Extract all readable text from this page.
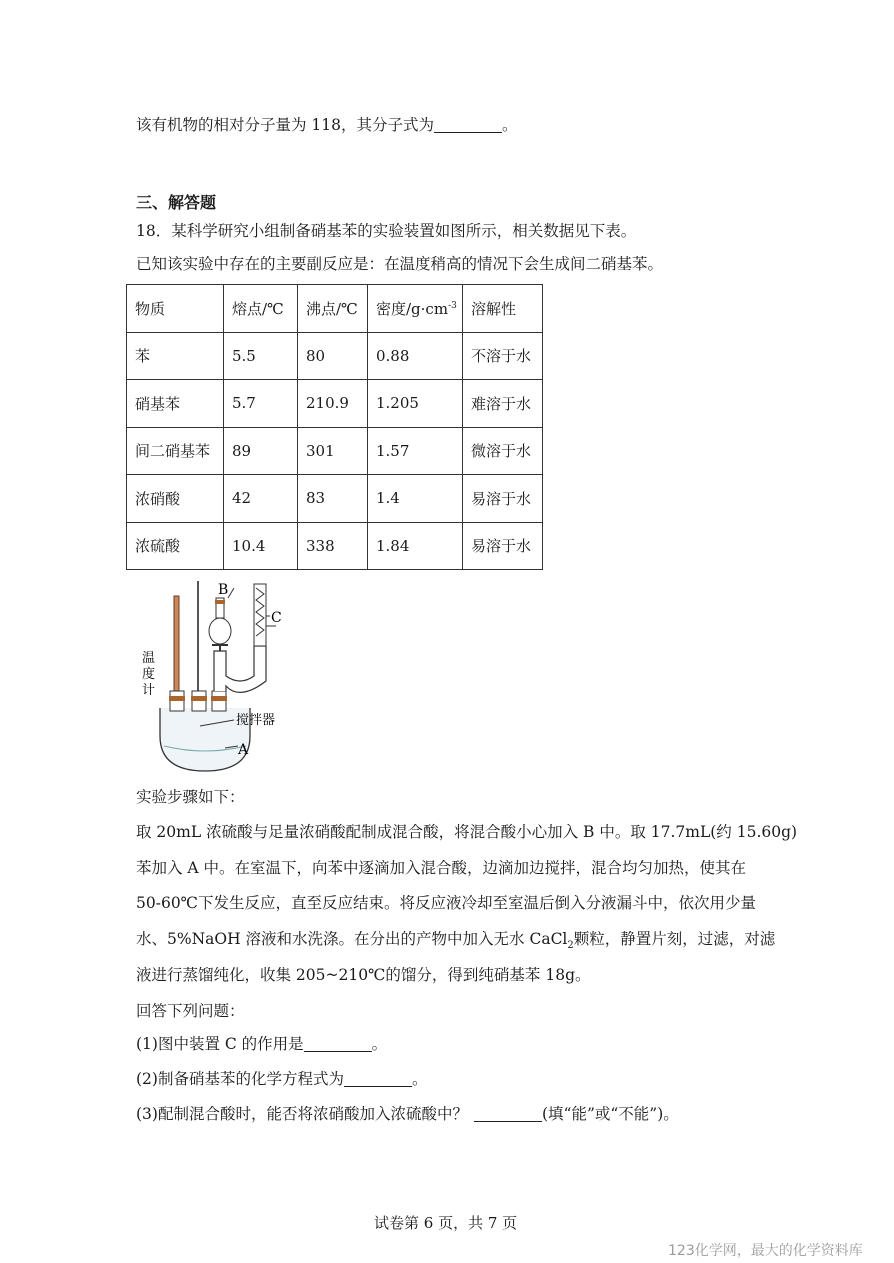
该有机物的相对分子量为 118，其分子式为	。
三、解答题
18．某科学研究小组制备硝基苯的实验装置如图所示，相关数据见下表。
已知该实验中存在的主要副反应是：在温度稍高的情况下会生成间二硝基苯。
物质	熔点/℃	沸点/℃	密度$/g\cdot cm^{-3}$	溶解性
苯	5.5	80	0.88	不溶于水
硝基苯	5.7	210.9	1.205	难溶于水
间二硝基苯	89	301	1.57	微溶于水
浓硝酸	42	83	1.4	易溶于水
浓硫酸	10.4	338	1.84	易溶于水
B
C
A
搅拌器
温
度
计
实验步骤如下：
取 20mL 浓硫酸与足量浓硝酸配制成混合酸，将混合酸小心加入 B 中。取 17.7mL(约 15.60g)
苯加入 A 中。在室温下，向苯中逐滴加入混合酸，边滴加边搅拌，混合均匀加热，使其在
50-60℃下发生反应，直至反应结束。将反应液冷却至室温后倒入分液漏斗中，依次用少量
水、5%NaOH 溶液和水洗涤。在分出的产物中加入无水 CaCl$_2$颗粒，静置片刻，过滤，对滤
液进行蒸馏纯化，收集 205~210℃的馏分，得到纯硝基苯 18g。
回答下列问题：
(1)图中装置 C 的作用是	。
(2)制备硝基苯的化学方程式为	。
(3)配制混合酸时，能否将浓硝酸加入浓硫酸中？	(填“能”或“不能”)。
试卷第 6 页，共 7 页
123化学网，最大的化学资料库
